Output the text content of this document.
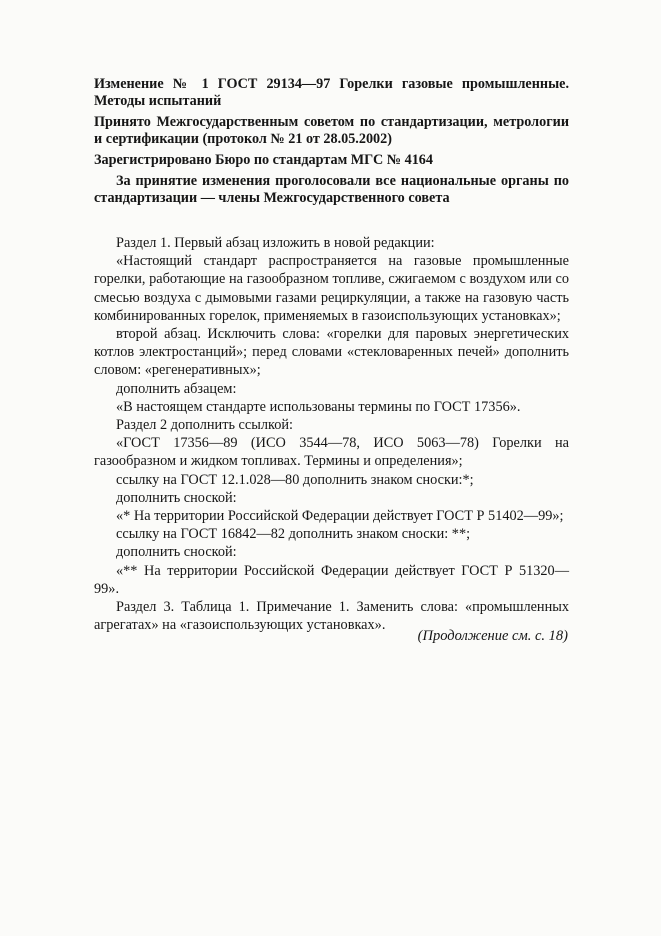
Изменение № 1 ГОСТ 29134—97 Горелки газовые промышленные. Методы испытаний

Принято Межгосударственным советом по стандартизации, метрологии и сертификации (протокол № 21 от 28.05.2002)

Зарегистрировано Бюро по стандартам МГС № 4164

За принятие изменения проголосовали все национальные органы по стандартизации — члены Межгосударственного совета

Раздел 1. Первый абзац изложить в новой редакции:

«Настоящий стандарт распространяется на газовые промышленные горелки, работающие на газообразном топливе, сжигаемом с воздухом или со смесью воздуха с дымовыми газами рециркуляции, а также на газовую часть комбинированных горелок, применяемых в газоиспользующих установках»;

второй абзац. Исключить слова: «горелки для паровых энергетических котлов электростанций»; перед словами «стекловаренных печей» дополнить словом: «регенеративных»;

дополнить абзацем:

«В настоящем стандарте использованы термины по ГОСТ 17356».

Раздел 2 дополнить ссылкой:

«ГОСТ 17356—89 (ИСО 3544—78, ИСО 5063—78) Горелки на газообразном и жидком топливах. Термины и определения»;

ссылку на ГОСТ 12.1.028—80 дополнить знаком сноски:*;

дополнить сноской:

«* На территории Российской Федерации действует ГОСТ Р 51402—99»;

ссылку на ГОСТ 16842—82 дополнить знаком сноски: **;

дополнить сноской:

«** На территории Российской Федерации действует ГОСТ Р 51320—99».

Раздел 3. Таблица 1. Примечание 1. Заменить слова: «промышленных агрегатах» на «газоиспользующих установках».

(Продолжение см. с. 18)
